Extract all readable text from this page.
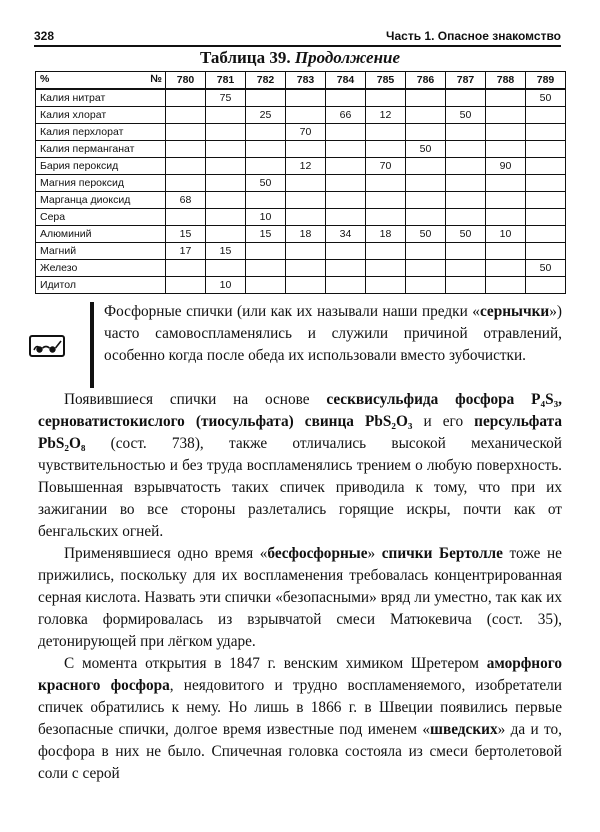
328	Часть 1. Опасное знакомство
Таблица 39. Продолжение
% №	780	781	782	783	784	785	786	787	788	789
Калия нитрат		75								50
Калия хлорат			25		66	12		50		
Калия перхлорат				70						
Калия перманганат							50			
Бария пероксид				12		70			90	
Магния пероксид			50							
Марганца диоксид	68									
Сера			10							
Алюминий	15		15	18	34	18	50	50	10	
Магний	17	15								
Железо										50
Идитол		10								

Фосфорные спички (или как их называли наши предки «сернычки») часто самовоспламенялись и служили причиной отравлений, особенно когда после обеда их использовали вместо зубочистки.

Появившиеся спички на основе сесквисульфида фосфора P₄S₃, серноватистокислого (тиосульфата) свинца PbS₂O₃ и его персульфата PbS₂O₈ (сост. 738), также отличались высокой механической чувствительностью и без труда воспламенялись трением о любую поверхность. Повышенная взрывчатость таких спичек приводила к тому, что при их зажигании во все стороны разлетались горящие искры, почти как от бенгальских огней.

Применявшиеся одно время «бесфосфорные» спички Бертолле тоже не прижились, поскольку для их воспламенения требовалась концентрированная серная кислота. Назвать эти спички «безопасными» вряд ли уместно, так как их головка формировалась из взрывчатой смеси Матюкевича (сост. 35), детонирующей при лёгком ударе.

С момента открытия в 1847 г. венским химиком Шретером аморфного красного фосфора, неядовитого и трудно воспламеняемого, изобретатели спичек обратились к нему. Но лишь в 1866 г. в Швеции появились первые безопасные спички, долгое время известные под именем «шведских» да и то, фосфора в них не было. Спичечная головка состояла из смеси бертолетовой соли с серой
